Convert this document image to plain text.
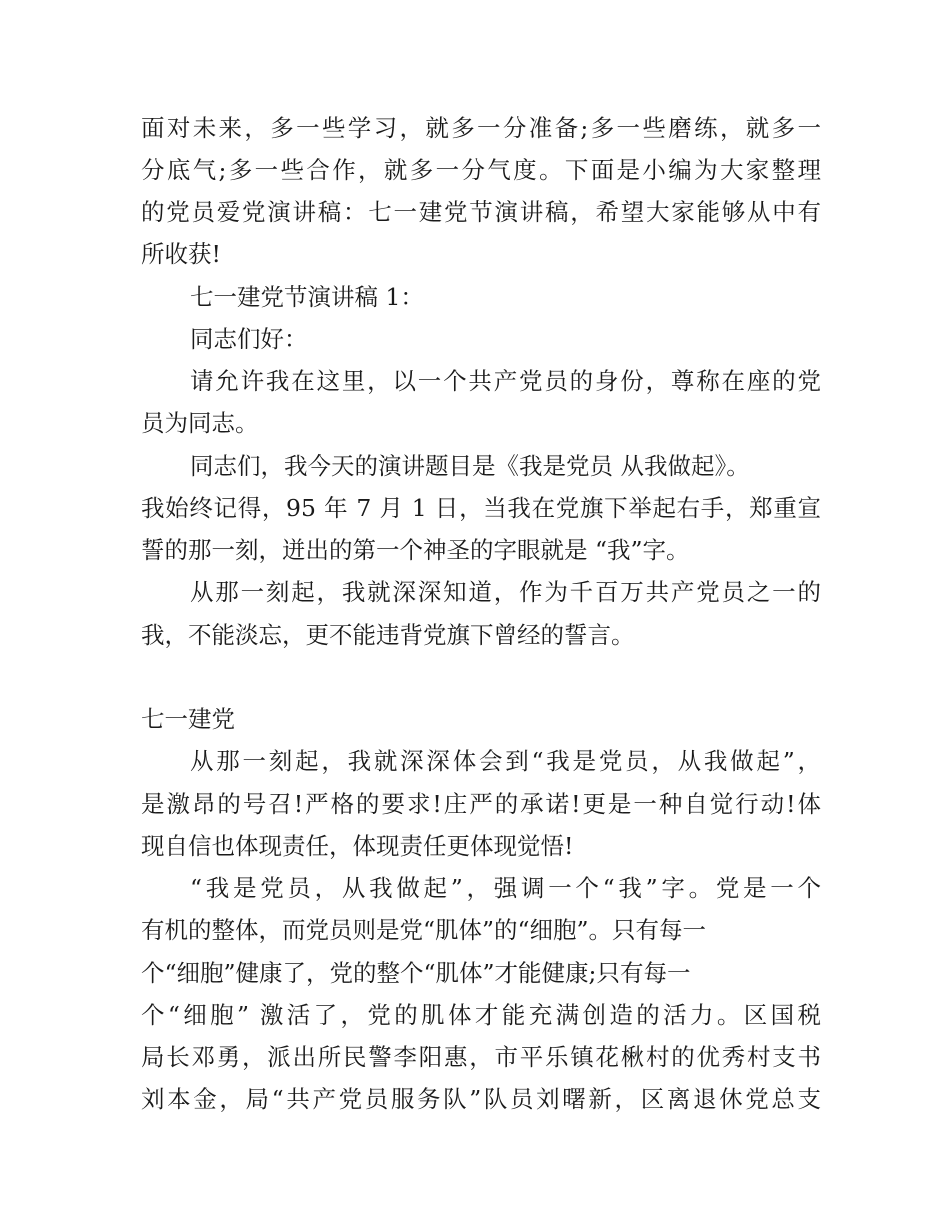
面对未来，多一些学习，就多一分准备;多一些磨练，就多一
分底气;多一些合作，就多一分气度。下面是小编为大家整理
的党员爱党演讲稿：七一建党节演讲稿，希望大家能够从中有
所收获!
七一建党节演讲稿 1：
同志们好：
请允许我在这里，以一个共产党员的身份，尊称在座的党
员为同志。
同志们，我今天的演讲题目是《我是党员 从我做起》。
我始终记得，95 年 7 月 1 日，当我在党旗下举起右手，郑重宣
誓的那一刻，迸出的第一个神圣的字眼就是 “我”字。
从那一刻起，我就深深知道，作为千百万共产党员之一的
我，不能淡忘，更不能违背党旗下曾经的誓言。
七一建党
从那一刻起，我就深深体会到“我是党员，从我做起”，
是激昂的号召!严格的要求!庄严的承诺!更是一种自觉行动!体
现自信也体现责任，体现责任更体现觉悟!
“我是党员，从我做起”，强调一个“我”字。党是一个
有机的整体，而党员则是党“肌体”的“细胞”。只有每一
个“细胞”健康了，党的整个“肌体”才能健康;只有每一
个“细胞” 激活了，党的肌体才能充满创造的活力。区国税
局长邓勇，派出所民警李阳惠，市平乐镇花楸村的优秀村支书
刘本金，局“共产党员服务队”队员刘曙新，区离退休党总支
